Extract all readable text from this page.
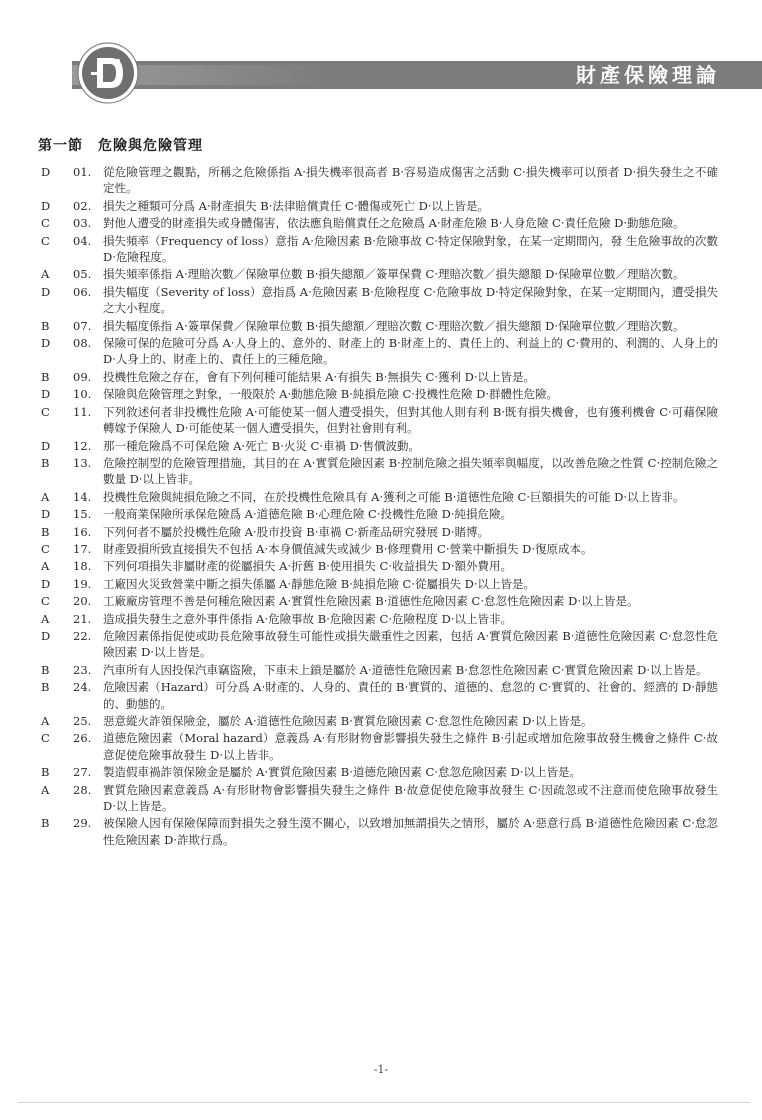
財產保險理論
第一節　危險與危險管理
D	01.	從危險管理之觀點，所稱之危險係指 A‧損失機率很高者 B‧容易造成傷害之活動 C‧損失機率可以預者 D‧損失發生之不確定性。
D	02.	損失之種類可分爲 A‧財產損失 B‧法律賠償責任 C‧體傷或死亡 D‧以上皆是。
C	03.	對他人遭受的財產損失或身體傷害，依法應負賠償責任之危險爲 A‧財產危險 B‧人身危險 C‧責任危險 D‧動態危險。
C	04.	損失頻率（Frequency of loss）意指 A‧危險因素 B‧危險事故 C‧特定保險對象，在某一定期間內，發 生危險事故的次數 D‧危險程度。
A	05.	損失頻率係指 A‧理賠次數／保險單位數 B‧損失總額／簽單保費 C‧理賠次數／損失總額 D‧保險單位數／理賠次數。
D	06.	損失幅度（Severity of loss）意指爲 A‧危險因素 B‧危險程度 C‧危險事故 D‧特定保險對象，在某一定期間內，遭受損失之大小程度。
B	07.	損失幅度係指 A‧簽單保費／保險單位數 B‧損失總額／理賠次數 C‧理賠次數／損失總額 D‧保險單位數／理賠次數。
D	08.	保險可保的危險可分爲 A‧人身上的、意外的、財產上的 B‧財產上的、責任上的、利益上的 C‧費用的、利潤的、人身上的 D‧人身上的、財產上的、責任上的三種危險。
B	09.	投機性危險之存在，會有下列何種可能結果 A‧有損失 B‧無損失 C‧獲利 D‧以上皆是。
D	10.	保險與危險管理之對象，一般限於 A‧動態危險 B‧純損危險 C‧投機性危險 D‧群體性危險。
C	11.	下列敘述何者非投機性危險 A‧可能使某一個人遭受損失，但對其他人則有利 B‧既有損失機會，也有獲利機會 C‧可藉保險轉嫁予保險人 D‧可能使某一個人遭受損失，但對社會則有利。
D	12.	那一種危險爲不可保危險 A‧死亡 B‧火災 C‧車禍 D‧售價波動。
B	13.	危險控制型的危險管理措施，其目的在 A‧實質危險因素 B‧控制危險之損失頻率與幅度，以改善危險之性質 C‧控制危險之數量 D‧以上皆非。
A	14.	投機性危險與純損危險之不同，在於投機性危險具有 A‧獲利之可能 B‧道德性危險 C‧巨額損失的可能 D‧以上皆非。
D	15.	一般商業保險所承保危險爲 A‧道德危險 B‧心理危險 C‧投機性危險 D‧純損危險。
B	16.	下列何者不屬於投機性危險 A‧股市投資 B‧車禍 C‧新產品研究發展 D‧賭博。
C	17.	財產毀損所致直接損失不包括 A‧本身價值減失或減少 B‧修理費用 C‧營業中斷損失 D‧復原成本。
A	18.	下列何項損失非屬財產的從屬損失 A‧折舊 B‧使用損失 C‧收益損失 D‧額外費用。
D	19.	工廠因火災致營業中斷之損失係屬 A‧靜態危險 B‧純損危險 C‧從屬損失 D‧以上皆是。
C	20.	工廠廠房管理不善是何種危險因素 A‧實質性危險因素 B‧道德性危險因素 C‧怠忽性危險因素 D‧以上皆是。
A	21.	造成損失發生之意外事件係指 A‧危險事故 B‧危險因素 C‧危險程度 D‧以上皆非。
D	22.	危險因素係指促使或助長危險事故發生可能性或損失嚴重性之因素，包括 A‧實質危險因素 B‧道德性危險因素 C‧怠忽性危險因素 D‧以上皆是。
B	23.	汽車所有人因投保汽車竊盜險，下車未上鎖是屬於 A‧道德性危險因素 B‧怠忽性危險因素 C‧實質危險因素 D‧以上皆是。
B	24.	危險因素（Hazard）可分爲 A‧財產的、人身的、責任的 B‧實質的、道德的、怠忽的 C‧實質的、社會的、經濟的 D‧靜態的、動態的。
A	25.	惡意縱火詐領保險金，屬於 A‧道德性危險因素 B‧實質危險因素 C‧怠忽性危險因素 D‧以上皆是。
C	26.	道德危險因素（Moral hazard）意義爲 A‧有形財物會影響損失發生之條件 B‧引起或增加危險事故發生機會之條件 C‧故意促使危險事故發生 D‧以上皆非。
B	27.	製造假車禍詐領保險金是屬於 A‧實質危險因素 B‧道德危險因素 C‧怠忽危險因素 D‧以上皆是。
A	28.	實質危險因素意義爲 A‧有形財物會影響損失發生之條件 B‧故意促使危險事故發生 C‧因疏忽或不注意而使危險事故發生 D‧以上皆是。
B	29.	被保險人因有保險保障而對損失之發生漠不關心，以致增加無謂損失之情形，屬於 A‧惡意行爲 B‧道德性危險因素 C‧怠忽性危險因素 D‧詐欺行爲。
-1-
